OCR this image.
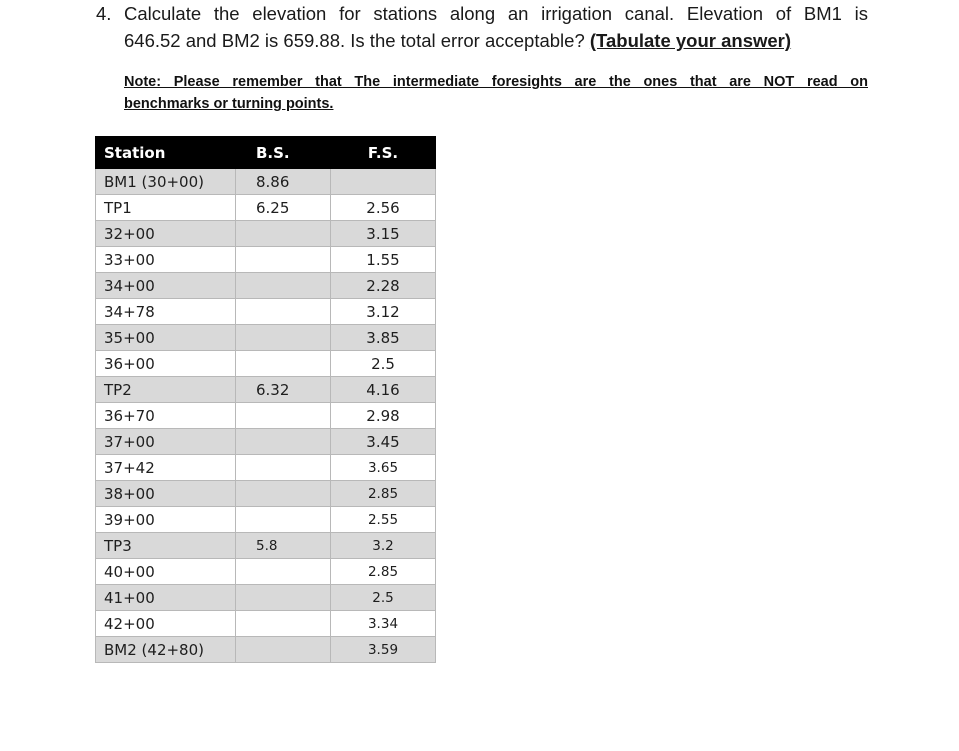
4. Calculate the elevation for stations along an irrigation canal. Elevation of BM1 is
646.52 and BM2 is 659.88. Is the total error acceptable? (Tabulate your answer)
Note: Please remember that The intermediate foresights are the ones that are NOT read on
benchmarks or turning points.
Station	B.S.	F.S.
BM1 (30+00)	8.86	
TP1	6.25	2.56
32+00		3.15
33+00		1.55
34+00		2.28
34+78		3.12
35+00		3.85
36+00		2.5
TP2	6.32	4.16
36+70		2.98
37+00		3.45
37+42		3.65
38+00		2.85
39+00		2.55
TP3	5.8	3.2
40+00		2.85
41+00		2.5
42+00		3.34
BM2 (42+80)		3.59
